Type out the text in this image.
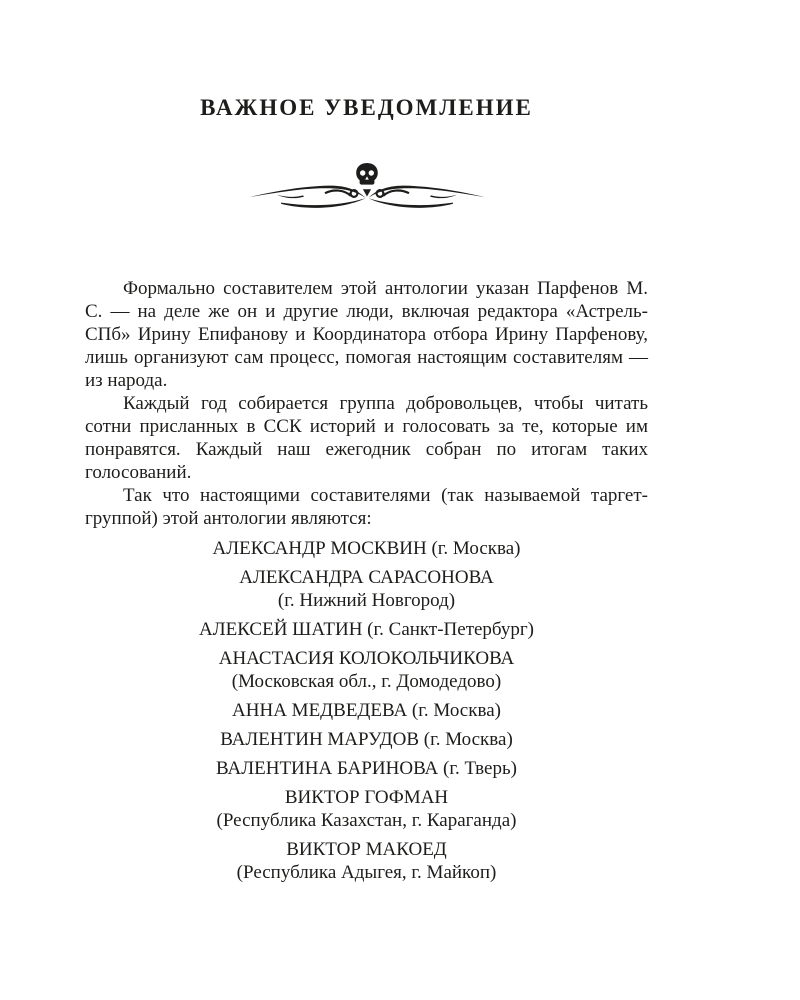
ВАЖНОЕ УВЕДОМЛЕНИЕ

Формально составителем этой антологии указан Парфенов М. С. — на деле же он и другие люди, включая редактора «Астрель-СПб» Ирину Епифанову и Координатора отбора Ирину Парфенову, лишь организуют сам процесс, помогая настоящим составителям — из народа.

Каждый год собирается группа добровольцев, чтобы читать сотни присланных в ССК историй и голосовать за те, которые им понравятся. Каждый наш ежегодник собран по итогам таких голосований.

Так что настоящими составителями (так называемой таргет-группой) этой антологии являются:

АЛЕКСАНДР МОСКВИН (г. Москва)
АЛЕКСАНДРА САРАСОНОВА
(г. Нижний Новгород)
АЛЕКСЕЙ ШАТИН (г. Санкт-Петербург)
АНАСТАСИЯ КОЛОКОЛЬЧИКОВА
(Московская обл., г. Домодедово)
АННА МЕДВЕДЕВА (г. Москва)
ВАЛЕНТИН МАРУДОВ (г. Москва)
ВАЛЕНТИНА БАРИНОВА (г. Тверь)
ВИКТОР ГОФМАН
(Республика Казахстан, г. Караганда)
ВИКТОР МАКОЕД
(Республика Адыгея, г. Майкоп)
